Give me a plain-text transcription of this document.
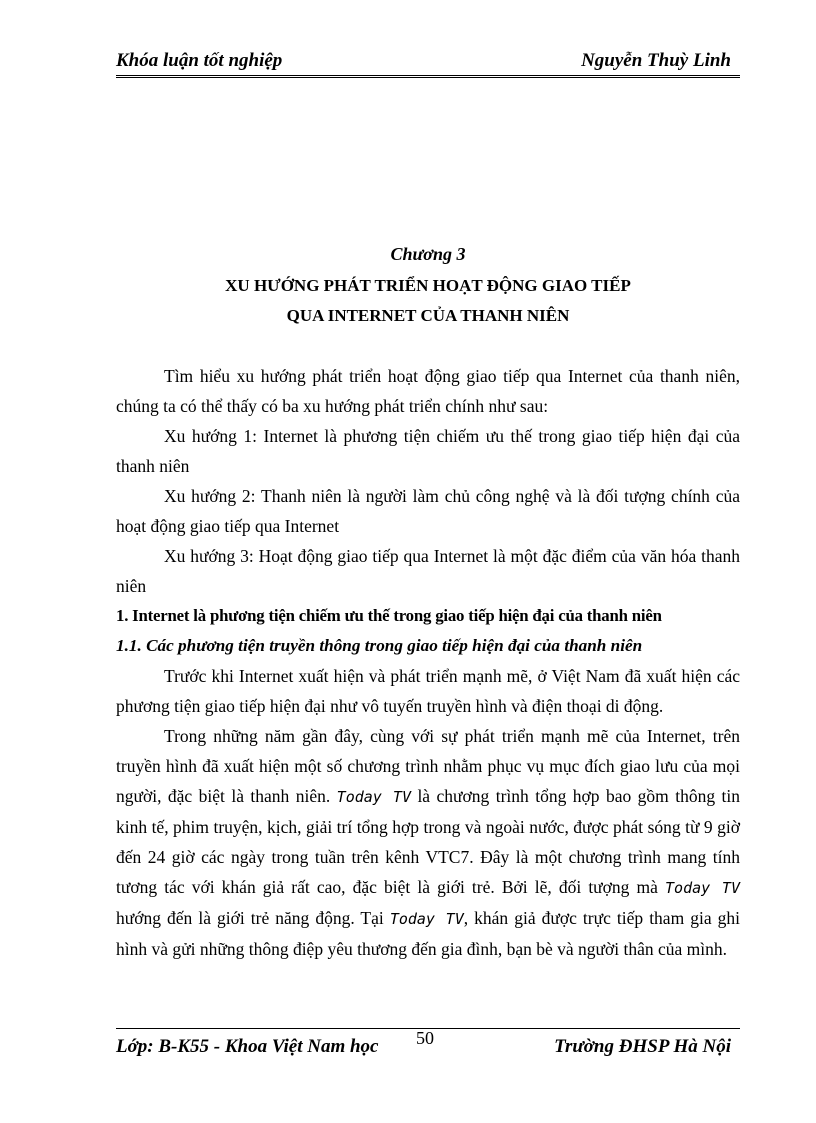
Khóa luận tốt nghiệp	Nguyễn Thuỳ Linh
Chương 3
XU HƯỚNG PHÁT TRIỂN HOẠT ĐỘNG GIAO TIẾP
QUA INTERNET CỦA THANH NIÊN

Tìm hiểu xu hướng phát triển hoạt động giao tiếp qua Internet của thanh niên, chúng ta có thể thấy có ba xu hướng phát triển chính như sau:

Xu hướng 1: Internet là phương tiện chiếm ưu thế trong giao tiếp hiện đại của thanh niên

Xu hướng 2: Thanh niên là người làm chủ công nghệ và là đối tượng chính của hoạt động giao tiếp qua Internet

Xu hướng 3: Hoạt động giao tiếp qua Internet là một đặc điểm của văn hóa thanh niên

1. Internet là phương tiện chiếm ưu thế trong giao tiếp hiện đại của thanh niên

1.1. Các phương tiện truyền thông trong giao tiếp hiện đại của thanh niên

Trước khi Internet xuất hiện và phát triển mạnh mẽ, ở Việt Nam đã xuất hiện các phương tiện giao tiếp hiện đại như vô tuyến truyền hình và điện thoại di động.

Trong những năm gần đây, cùng với sự phát triển mạnh mẽ của Internet, trên truyền hình đã xuất hiện một số chương trình nhằm phục vụ mục đích giao lưu của mọi người, đặc biệt là thanh niên. Today TV là chương trình tổng hợp bao gồm thông tin kinh tế, phim truyện, kịch, giải trí tổng hợp trong và ngoài nước, được phát sóng từ 9 giờ đến 24 giờ các ngày trong tuần trên kênh VTC7. Đây là một chương trình mang tính tương tác với khán giả rất cao, đặc biệt là giới trẻ. Bởi lẽ, đối tượng mà Today TV hướng đến là giới trẻ năng động. Tại Today TV, khán giả được trực tiếp tham gia ghi hình và gửi những thông điệp yêu thương đến gia đình, bạn bè và người thân của mình.

Lớp: B-K55 - Khoa Việt Nam học 50	Trường ĐHSP Hà Nội
